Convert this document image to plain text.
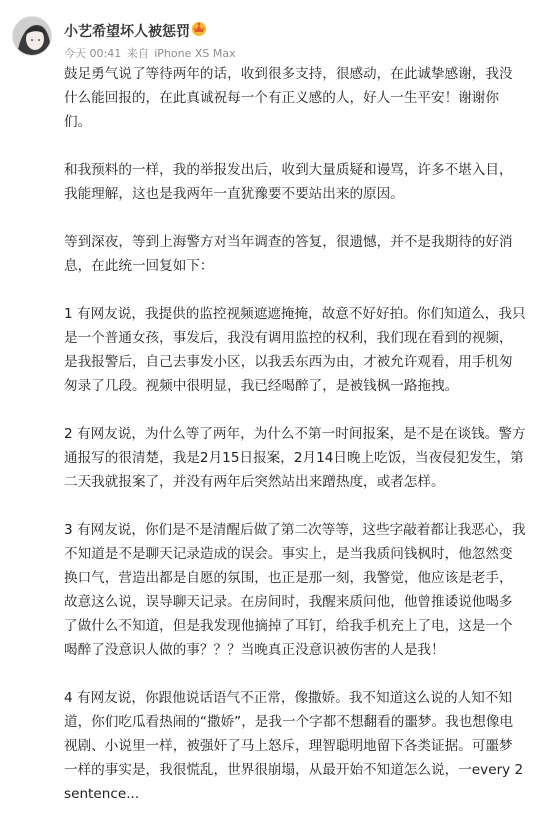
小艺希望坏人被惩罚
今天 00:41 来自 iPhone XS Max

鼓足勇气说了等待两年的话，收到很多支持，很感动，在此诚挚感谢，我没什么能回报的，在此真诚祝每一个有正义感的人，好人一生平安！谢谢你们。

和我预料的一样，我的举报发出后，收到大量质疑和谩骂，许多不堪入目，我能理解，这也是我两年一直犹豫要不要站出来的原因。

等到深夜，等到上海警方对当年调查的答复，很遗憾，并不是我期待的好消息，在此统一回复如下：

1 有网友说，我提供的监控视频遮遮掩掩，故意不好好拍。你们知道么，我只是一个普通女孩，事发后，我没有调用监控的权利，我们现在看到的视频，是我报警后，自己去事发小区，以我丢东西为由，才被允许观看，用手机匆匆录了几段。视频中很明显，我已经喝醉了，是被钱枫一路拖拽。

2 有网友说，为什么等了两年，为什么不第一时间报案，是不是在谈钱。警方通报写的很清楚，我是2月15日报案，2月14日晚上吃饭，当夜侵犯发生，第二天我就报案了，并没有两年后突然站出来蹭热度，或者怎样。

3 有网友说，你们是不是清醒后做了第二次等等，这些字敲着都让我恶心，我不知道是不是聊天记录造成的误会。事实上，是当我质问钱枫时，他忽然变换口气，营造出都是自愿的氛围，也正是那一刻，我警觉，他应该是老手，故意这么说，误导聊天记录。在房间时，我醒来质问他，他曾推诿说他喝多了做什么不知道，但是我发现他摘掉了耳钉，给我手机充上了电，这是一个喝醉了没意识人做的事？？？当晚真正没意识被伤害的人是我！

4 有网友说，你跟他说话语气不正常，像撒娇。我不知道这么说的人知不知道，你们吃瓜看热闹的“撒娇”，是我一个字都不想翻看的噩梦。我也想像电视剧、小说里一样，被强奸了马上怒斥，理智聪明地留下各类证据。可噩梦一样的事实是，我很慌乱，世界很崩塌，从最开始不知道怎么说，一every 2 sentence...
